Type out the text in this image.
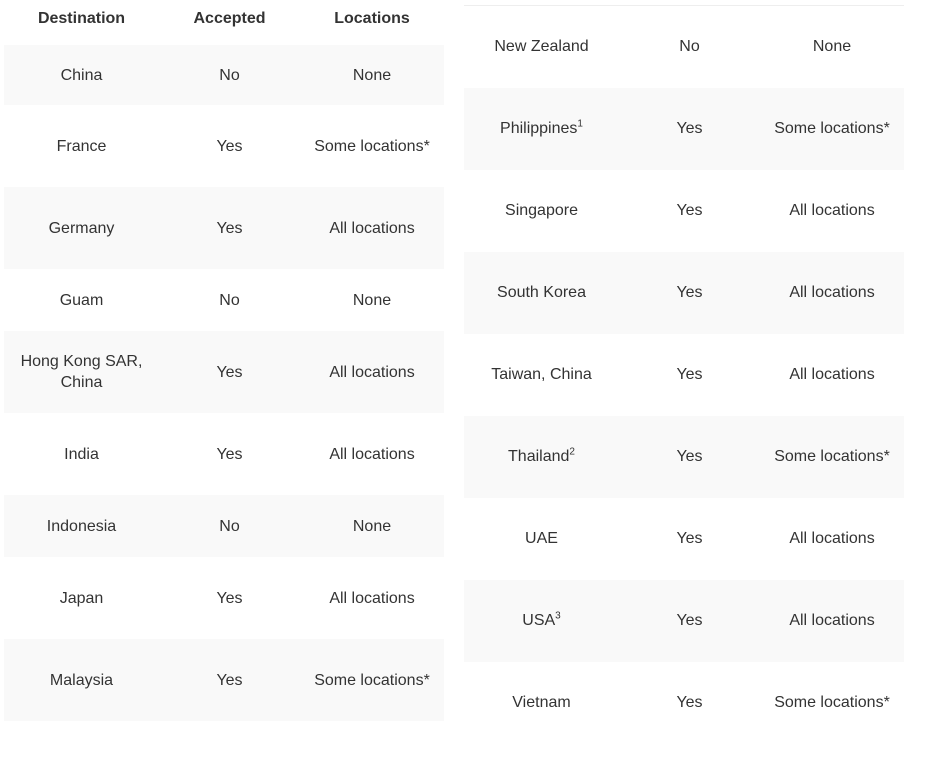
Destination	Accepted	Locations
China	No	None
France	Yes	Some locations*
Germany	Yes	All locations
Guam	No	None
Hong Kong SAR, China	Yes	All locations
India	Yes	All locations
Indonesia	No	None
Japan	Yes	All locations
Malaysia	Yes	Some locations*

New Zealand	No	None
Philippines$^1$	Yes	Some locations*
Singapore	Yes	All locations
South Korea	Yes	All locations
Taiwan, China	Yes	All locations
Thailand$^2$	Yes	Some locations*
UAE	Yes	All locations
USA$^3$	Yes	All locations
Vietnam	Yes	Some locations*
